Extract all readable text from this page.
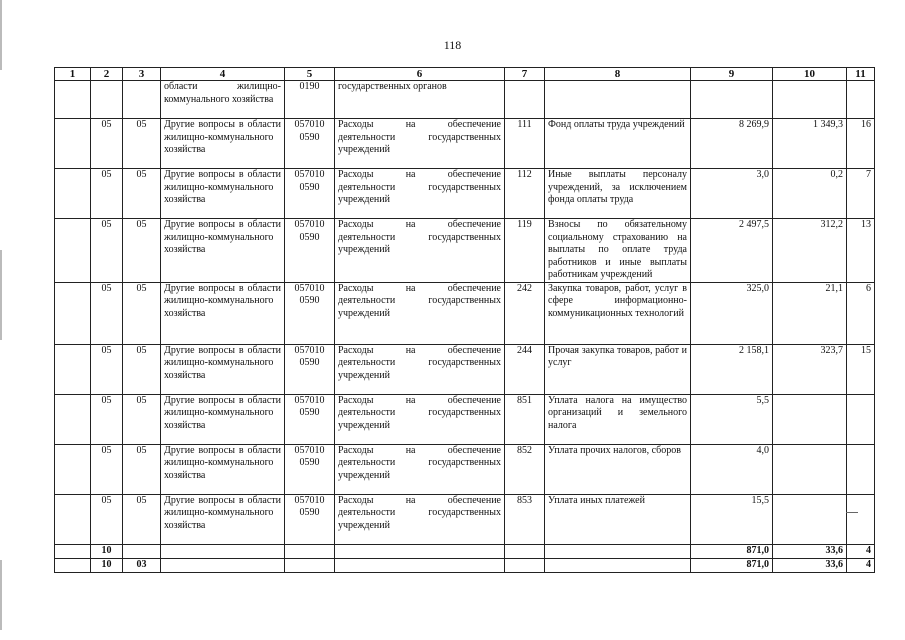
118
1	2	3	4	5	6	7	8	9	10	11
			области жилищно-коммунального хозяйства	0190	государственных органов					
	05	05	Другие вопросы в области жилищно-коммунального хозяйства	057010 0590	Расходы на обеспечение деятельности государственных учреждений	111	Фонд оплаты труда учреждений	8 269,9	1 349,3	16
	05	05	Другие вопросы в области жилищно-коммунального хозяйства	057010 0590	Расходы на обеспечение деятельности государственных учреждений	112	Иные выплаты персоналу учреждений, за исключением фонда оплаты труда	3,0	0,2	7
	05	05	Другие вопросы в области жилищно-коммунального хозяйства	057010 0590	Расходы на обеспечение деятельности государственных учреждений	119	Взносы по обязательному социальному страхованию на выплаты по оплате труда работников и иные выплаты работникам учреждений	2 497,5	312,2	13
	05	05	Другие вопросы в области жилищно-коммунального хозяйства	057010 0590	Расходы на обеспечение деятельности государственных учреждений	242	Закупка товаров, работ, услуг в сфере информационно-коммуникационных технологий	325,0	21,1	6
	05	05	Другие вопросы в области жилищно-коммунального хозяйства	057010 0590	Расходы на обеспечение деятельности государственных учреждений	244	Прочая закупка товаров, работ и услуг	2 158,1	323,7	15
	05	05	Другие вопросы в области жилищно-коммунального хозяйства	057010 0590	Расходы на обеспечение деятельности государственных учреждений	851	Уплата налога на имущество организаций и земельного налога	5,5		
	05	05	Другие вопросы в области жилищно-коммунального хозяйства	057010 0590	Расходы на обеспечение деятельности государственных учреждений	852	Уплата прочих налогов, сборов	4,0		
	05	05	Другие вопросы в области жилищно-коммунального хозяйства	057010 0590	Расходы на обеспечение деятельности государственных учреждений	853	Уплата иных платежей	15,5		
	10							871,0	33,6	4
	10	03						871,0	33,6	4
